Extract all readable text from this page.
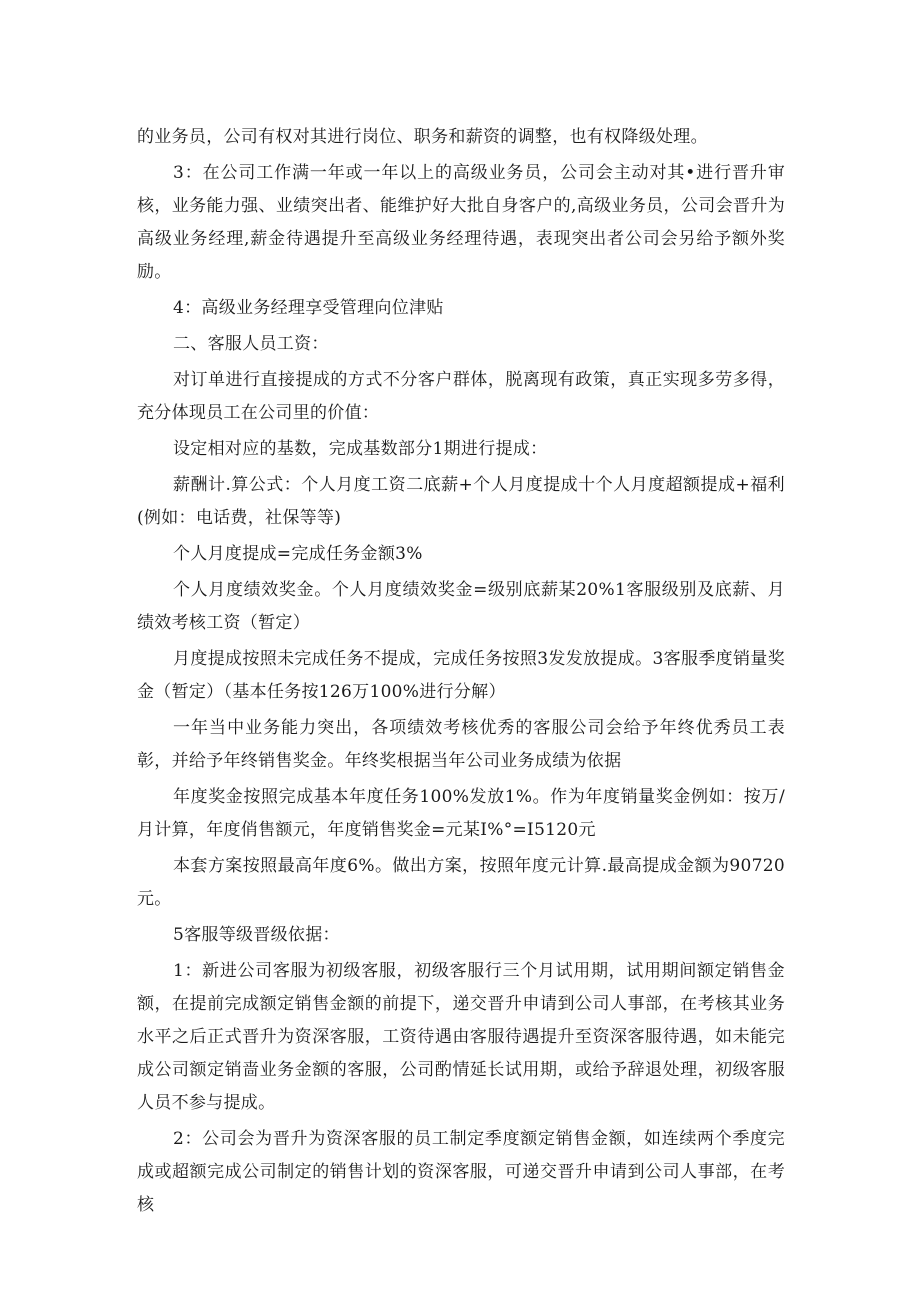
的业务员，公司有权对其进行岗位、职务和薪资的调整，也有权降级处理。

3：在公司工作满一年或一年以上的高级业务员，公司会主动对其•进行晋升审核，业务能力强、业绩突出者、能维护好大批自身客户的,高级业务员，公司会晋升为高级业务经理,薪金待遇提升至高级业务经理待遇，表现突出者公司会另给予额外奖励。

4：高级业务经理享受管理向位津贴

二、客服人员工资：

对订单进行直接提成的方式不分客户群体，脱离现有政策，真正实现多劳多得，充分体现员工在公司里的价值：

设定相对应的基数，完成基数部分1期进行提成：

薪酬计.算公式：个人月度工资二底薪+个人月度提成十个人月度超额提成+福利(例如：电话费，社保等等)

个人月度提成=完成任务金额3%

个人月度绩效奖金。个人月度绩效奖金=级别底薪某20%1客服级别及底薪、月绩效考核工资（暂定）

月度提成按照未完成任务不提成，完成任务按照3发发放提成。3客服季度销量奖金（暂定）（基本任务按126万100%进行分解）

一年当中业务能力突出，各项绩效考核优秀的客服公司会给予年终优秀员工表彰，并给予年终销售奖金。年终奖根据当年公司业务成绩为依据

年度奖金按照完成基本年度任务100%发放1%。作为年度销量奖金例如：按万/月计算，年度俏售额元，年度销售奖金=元某I%°=I5120元

本套方案按照最高年度6%。做出方案，按照年度元计算.最高提成金额为90720元。

5客服等级晋级依据：

1：新进公司客服为初级客服，初级客服行三个月试用期，试用期间额定销售金额，在提前完成额定销售金额的前提下，递交晋升申请到公司人事部，在考核其业务水平之后正式晋升为资深客服，工资待遇由客服待遇提升至资深客服待遇，如未能完成公司额定销啬业务金额的客服，公司酌情延长试用期，或给予辞退处理，初级客服人员不参与提成。

2：公司会为晋升为资深客服的员工制定季度额定销售金额，如连续两个季度完成或超额完成公司制定的销售计划的资深客服，可递交晋升申请到公司人事部，在考核
